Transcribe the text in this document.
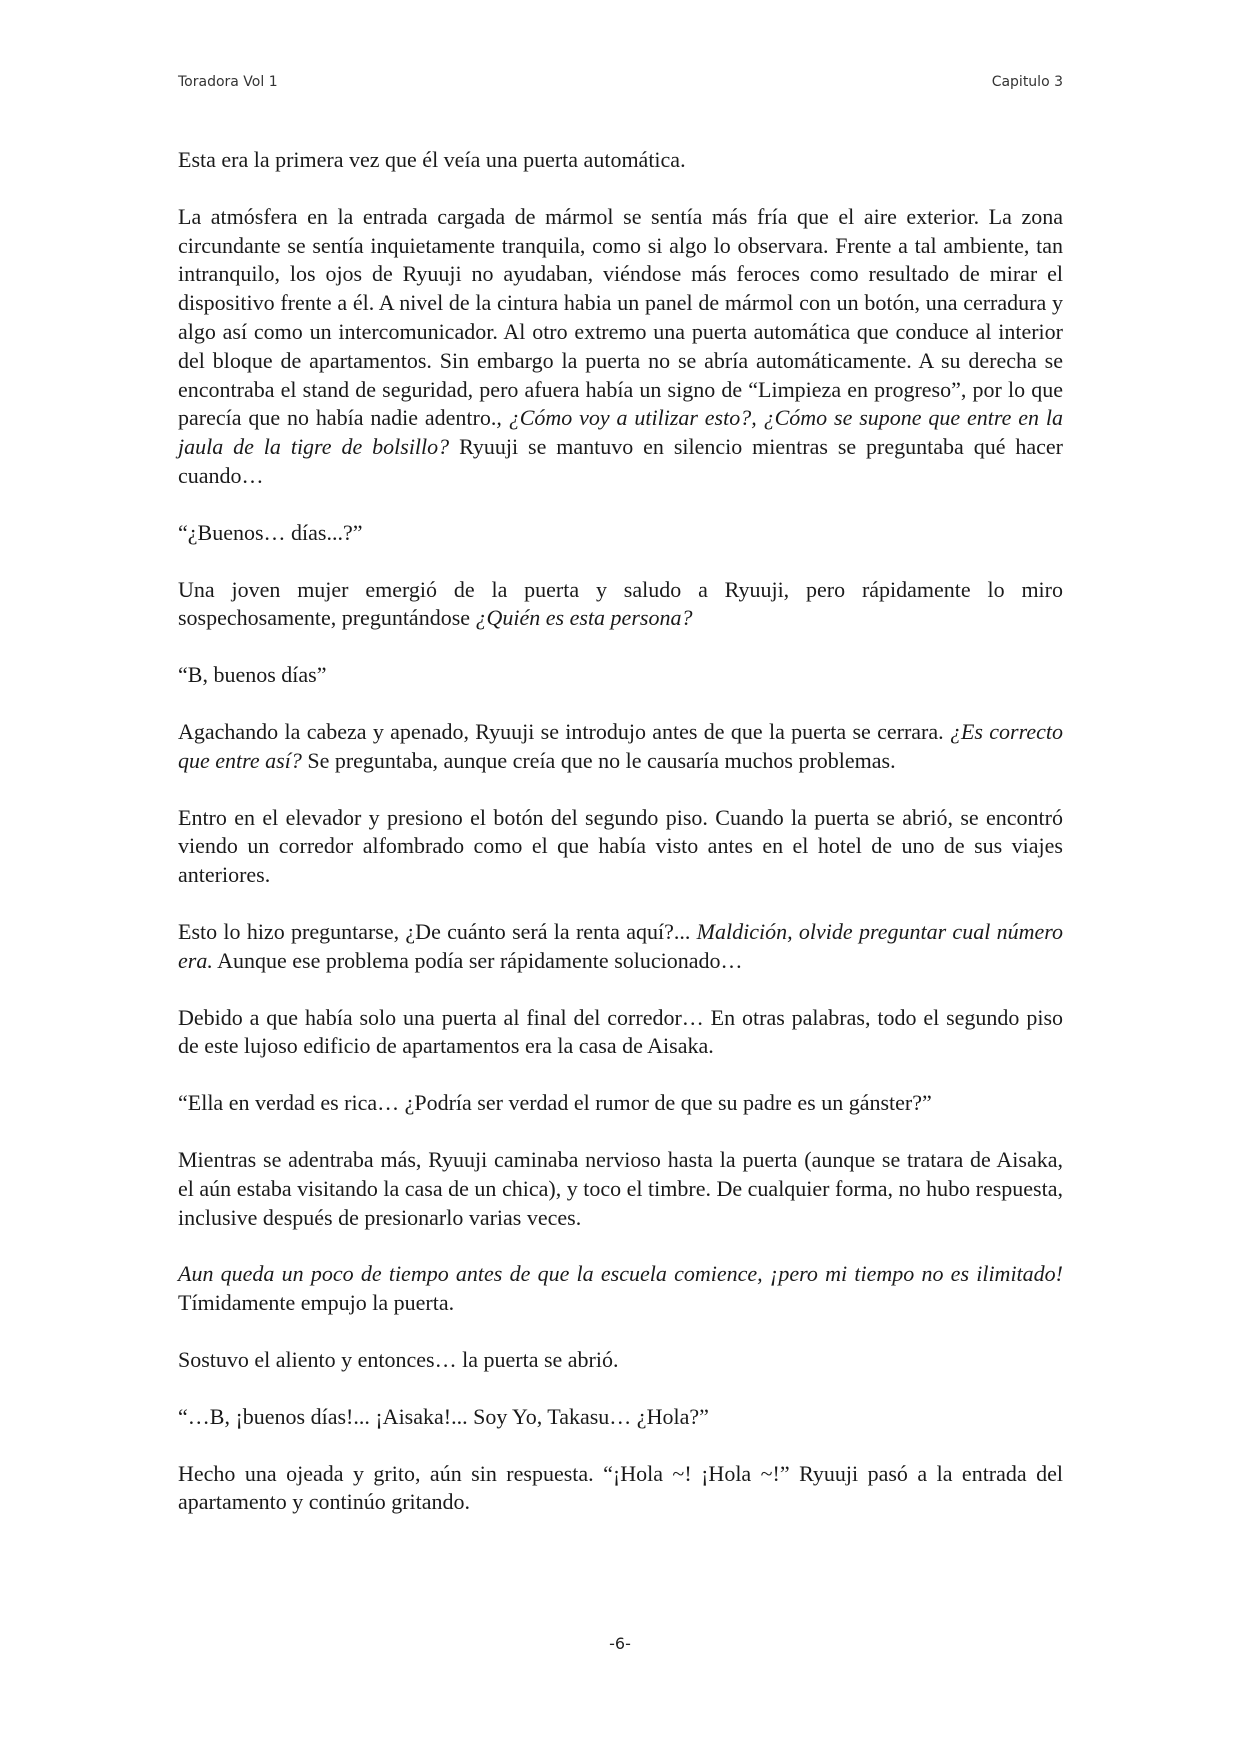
Toradora Vol 1	Capitulo 3

Esta era la primera vez que él veía una puerta automática.

La atmósfera en la entrada cargada de mármol se sentía más fría que el aire exterior. La zona circundante se sentía inquietamente tranquila, como si algo lo observara. Frente a tal ambiente, tan intranquilo, los ojos de Ryuuji no ayudaban, viéndose más feroces como resultado de mirar el dispositivo frente a él. A nivel de la cintura habia un panel de mármol con un botón, una cerradura y algo así como un intercomunicador. Al otro extremo una puerta automática que conduce al interior del bloque de apartamentos. Sin embargo la puerta no se abría automáticamente. A su derecha se encontraba el stand de seguridad, pero afuera había un signo de “Limpieza en progreso”, por lo que parecía que no había nadie adentro., ¿Cómo voy a utilizar esto?, ¿Cómo se supone que entre en la jaula de la tigre de bolsillo? Ryuuji se mantuvo en silencio mientras se preguntaba qué hacer cuando…

“¿Buenos… días...?”

Una joven mujer emergió de la puerta y saludo a Ryuuji, pero rápidamente lo miro sospechosamente, preguntándose ¿Quién es esta persona?

“B, buenos días”

Agachando la cabeza y apenado, Ryuuji se introdujo antes de que la puerta se cerrara. ¿Es correcto que entre así? Se preguntaba, aunque creía que no le causaría muchos problemas.

Entro en el elevador y presiono el botón del segundo piso. Cuando la puerta se abrió, se encontró viendo un corredor alfombrado como el que había visto antes en el hotel de uno de sus viajes anteriores.

Esto lo hizo preguntarse, ¿De cuánto será la renta aquí?... Maldición, olvide preguntar cual número era. Aunque ese problema podía ser rápidamente solucionado…

Debido a que había solo una puerta al final del corredor… En otras palabras, todo el segundo piso de este lujoso edificio de apartamentos era la casa de Aisaka.

“Ella en verdad es rica… ¿Podría ser verdad el rumor de que su padre es un gánster?”

Mientras se adentraba más, Ryuuji caminaba nervioso hasta la puerta (aunque se tratara de Aisaka, el aún estaba visitando la casa de un chica), y toco el timbre. De cualquier forma, no hubo respuesta, inclusive después de presionarlo varias veces.

Aun queda un poco de tiempo antes de que la escuela comience, ¡pero mi tiempo no es ilimitado! Tímidamente empujo la puerta.

Sostuvo el aliento y entonces… la puerta se abrió.

“…B, ¡buenos días!... ¡Aisaka!... Soy Yo, Takasu… ¿Hola?”

Hecho una ojeada y grito, aún sin respuesta. “¡Hola ~! ¡Hola ~!” Ryuuji pasó a la entrada del apartamento y continúo gritando.

-6-
